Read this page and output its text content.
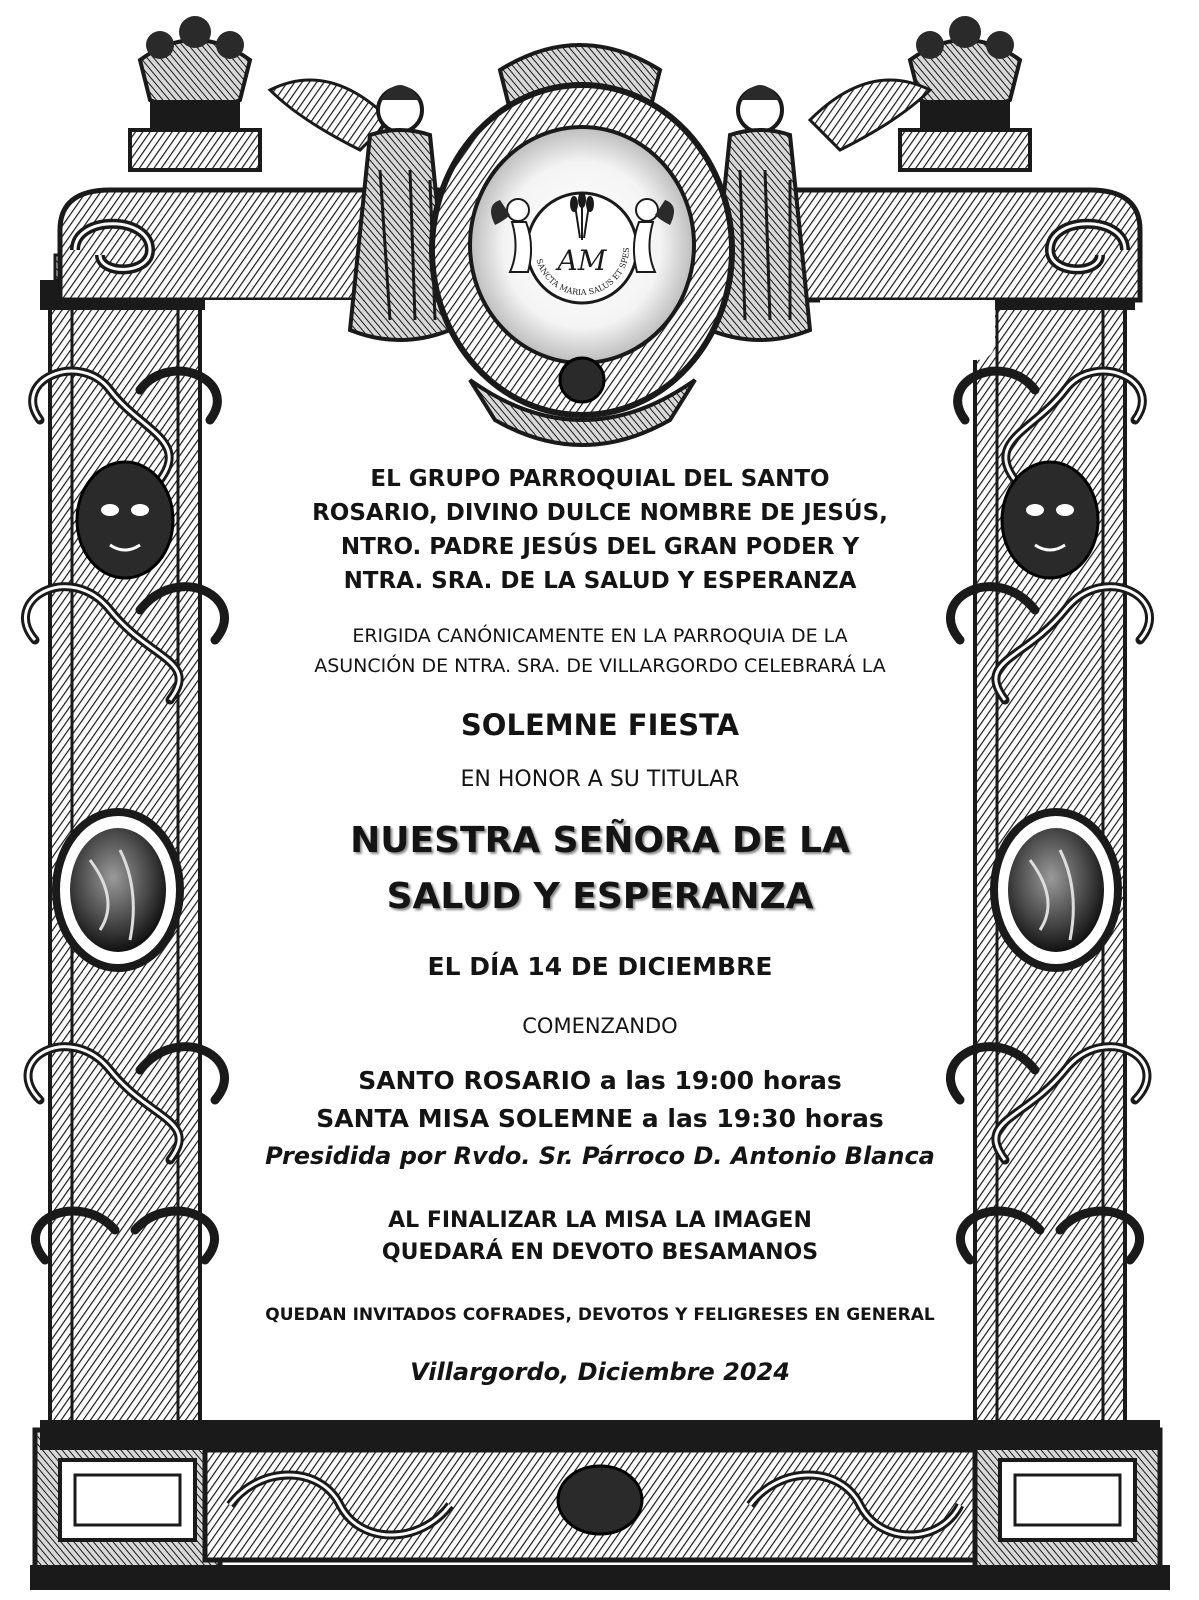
SANCTA MARIA SALUS ET SPES
AM
EL GRUPO PARROQUIAL DEL SANTO
ROSARIO, DIVINO DULCE NOMBRE DE JESÚS,
NTRO. PADRE JESÚS DEL GRAN PODER Y
NTRA. SRA. DE LA SALUD Y ESPERANZA
ERIGIDA CANÓNICAMENTE EN LA PARROQUIA DE LA
ASUNCIÓN DE NTRA. SRA. DE VILLARGORDO CELEBRARÁ LA
SOLEMNE FIESTA
EN HONOR A SU TITULAR
NUESTRA SEÑORA DE LA
SALUD Y ESPERANZA
EL DÍA 14 DE DICIEMBRE
COMENZANDO
SANTO ROSARIO a las 19:00 horas
SANTA MISA SOLEMNE a las 19:30 horas
Presidida por Rvdo. Sr. Párroco D. Antonio Blanca
AL FINALIZAR LA MISA LA IMAGEN
QUEDARÁ EN DEVOTO BESAMANOS
QUEDAN INVITADOS COFRADES, DEVOTOS Y FELIGRESES EN GENERAL
Villargordo, Diciembre 2024
